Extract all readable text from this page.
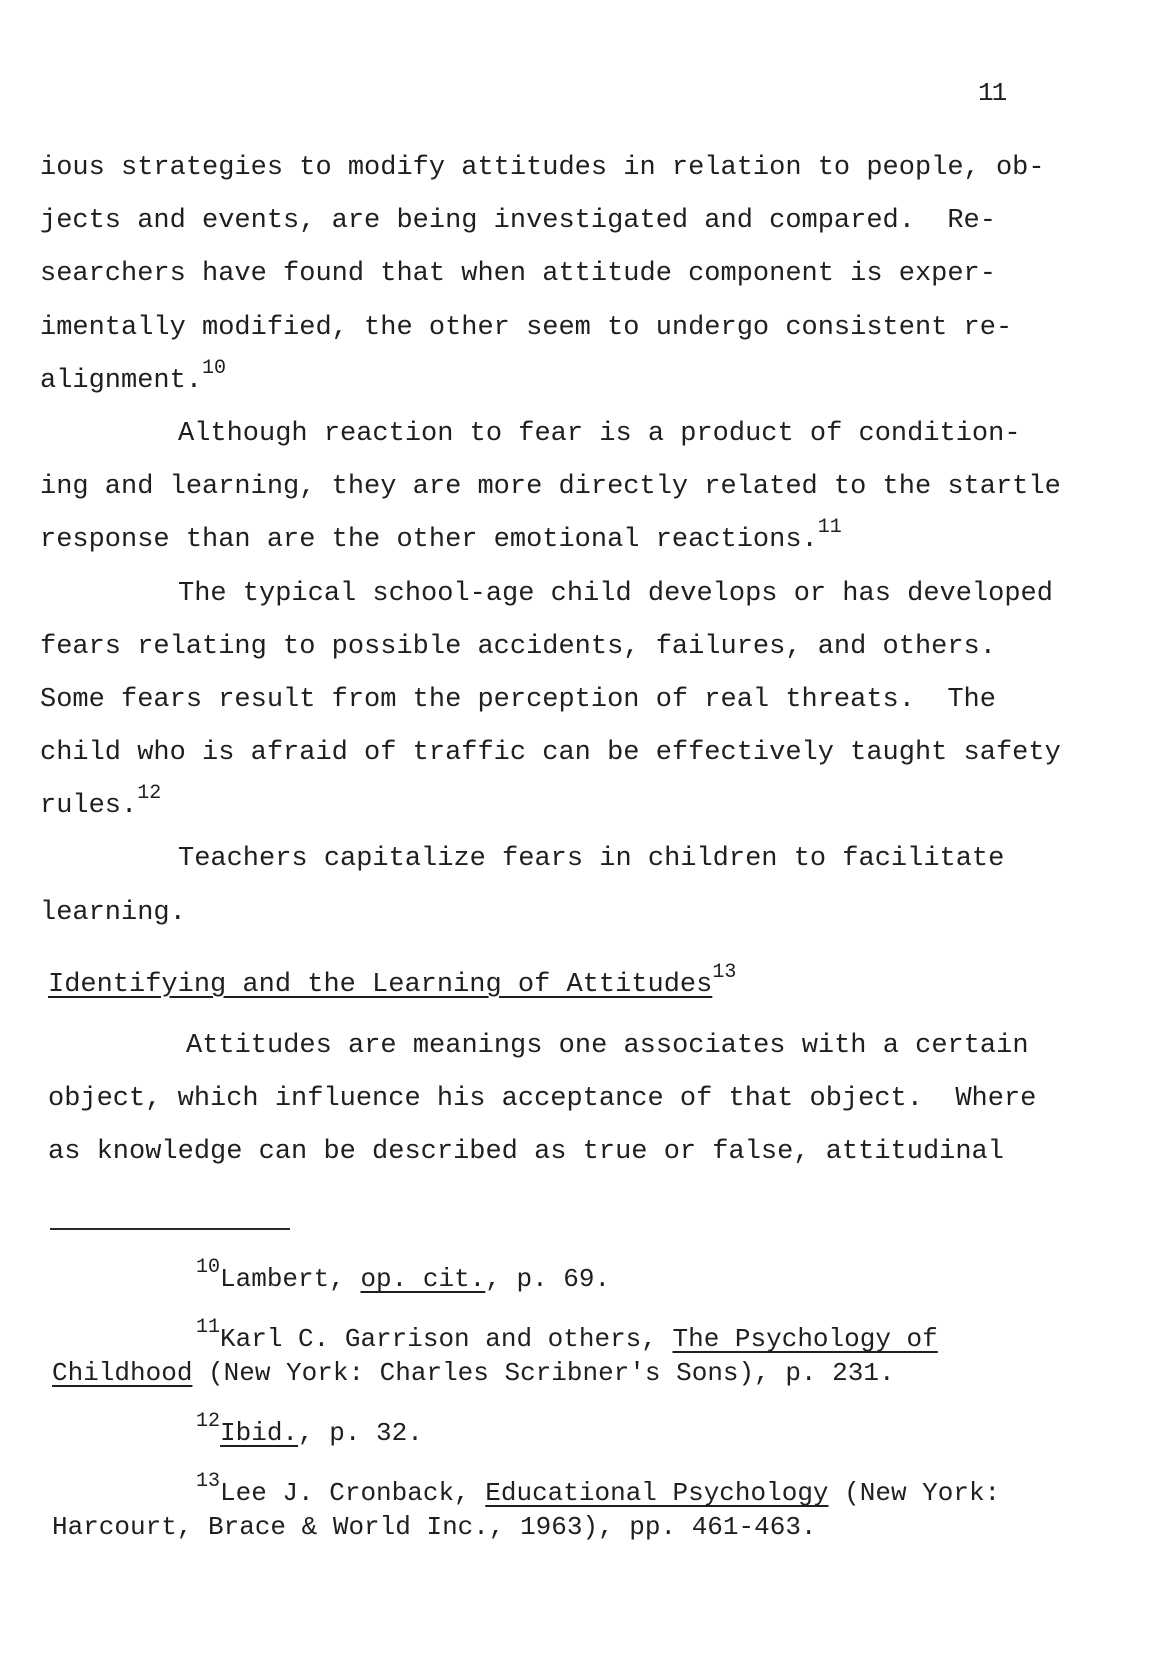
11
ious strategies to modify attitudes in relation to people, ob-
jects and events, are being investigated and compared.  Re-
searchers have found that when attitude component is exper-
imentally modified, the other seem to undergo consistent re-
alignment.$^{10}$
Although reaction to fear is a product of condition-
ing and learning, they are more directly related to the startle
response than are the other emotional reactions.$^{11}$
The typical school-age child develops or has developed
fears relating to possible accidents, failures, and others.
Some fears result from the perception of real threats.  The
child who is afraid of traffic can be effectively taught safety
rules.$^{12}$
Teachers capitalize fears in children to facilitate
learning.
Identifying and the Learning of Attitudes$^{13}$
Attitudes are meanings one associates with a certain
object, which influence his acceptance of that object.  Where
as knowledge can be described as true or false, attitudinal
$^{10}$Lambert, op. cit., p. 69.
$^{11}$Karl C. Garrison and others, The Psychology of
Childhood (New York: Charles Scribner's Sons), p. 231.
$^{12}$Ibid., p. 32.
$^{13}$Lee J. Cronback, Educational Psychology (New York:
Harcourt, Brace & World Inc., 1963), pp. 461-463.
